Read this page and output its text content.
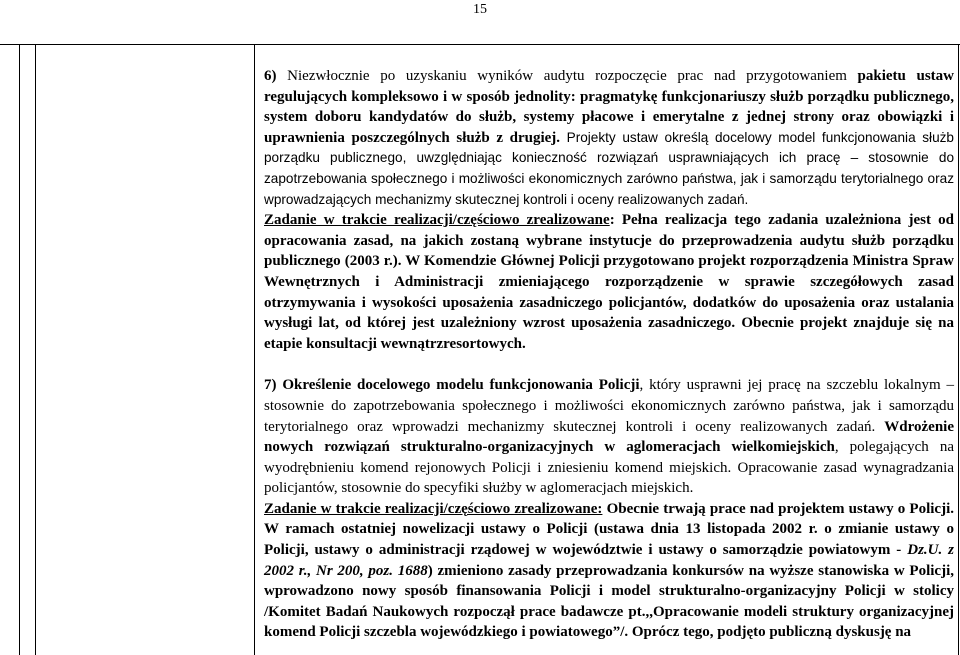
15

6) Niezwłocznie po uzyskaniu wyników audytu rozpoczęcie prac nad przygotowaniem pakietu ustaw regulujących kompleksowo i w sposób jednolity: pragmatykę funkcjonariuszy służb porządku publicznego, system doboru kandydatów do służb, systemy płacowe i emerytalne z jednej strony oraz obowiązki i uprawnienia poszczególnych służb z drugiej. Projekty ustaw określą docelowy model funkcjonowania służb porządku publicznego, uwzględniając konieczność rozwiązań usprawniających ich pracę – stosownie do zapotrzebowania społecznego i możliwości ekonomicznych zarówno państwa, jak i samorządu terytorialnego oraz wprowadzających mechanizmy skutecznej kontroli i oceny realizowanych zadań.

Zadanie w trakcie realizacji/częściowo zrealizowane: Pełna realizacja tego zadania uzależniona jest od opracowania zasad, na jakich zostaną wybrane instytucje do przeprowadzenia audytu służb porządku publicznego (2003 r.). W Komendzie Głównej Policji przygotowano projekt rozporządzenia Ministra Spraw Wewnętrznych i Administracji zmieniającego rozporządzenie w sprawie szczegółowych zasad otrzymywania i wysokości uposażenia zasadniczego policjantów, dodatków do uposażenia oraz ustalania wysługi lat, od której jest uzależniony wzrost uposażenia zasadniczego. Obecnie projekt znajduje się na etapie konsultacji wewnątrzresortowych.

7) Określenie docelowego modelu funkcjonowania Policji, który usprawni jej pracę na szczeblu lokalnym – stosownie do zapotrzebowania społecznego i możliwości ekonomicznych zarówno państwa, jak i samorządu terytorialnego oraz wprowadzi mechanizmy skutecznej kontroli i oceny realizowanych zadań. Wdrożenie nowych rozwiązań strukturalno-organizacyjnych w aglomeracjach wielkomiejskich, polegających na wyodrębnieniu komend rejonowych Policji i zniesieniu komend miejskich. Opracowanie zasad wynagradzania policjantów, stosownie do specyfiki służby w aglomeracjach miejskich.

Zadanie w trakcie realizacji/częściowo zrealizowane: Obecnie trwają prace nad projektem ustawy o Policji. W ramach ostatniej nowelizacji ustawy o Policji (ustawa dnia 13 listopada 2002 r. o zmianie ustawy o Policji, ustawy o administracji rządowej w województwie i ustawy o samorządzie powiatowym - Dz.U. z 2002 r., Nr 200, poz. 1688) zmieniono zasady przeprowadzania konkursów na wyższe stanowiska w Policji, wprowadzono nowy sposób finansowania Policji i model strukturalno-organizacyjny Policji w stolicy /Komitet Badań Naukowych rozpoczął prace badawcze pt.,,Opracowanie modeli struktury organizacyjnej komend Policji szczebla wojewódzkiego i powiatowego”/. Oprócz tego, podjęto publiczną dyskusję na
